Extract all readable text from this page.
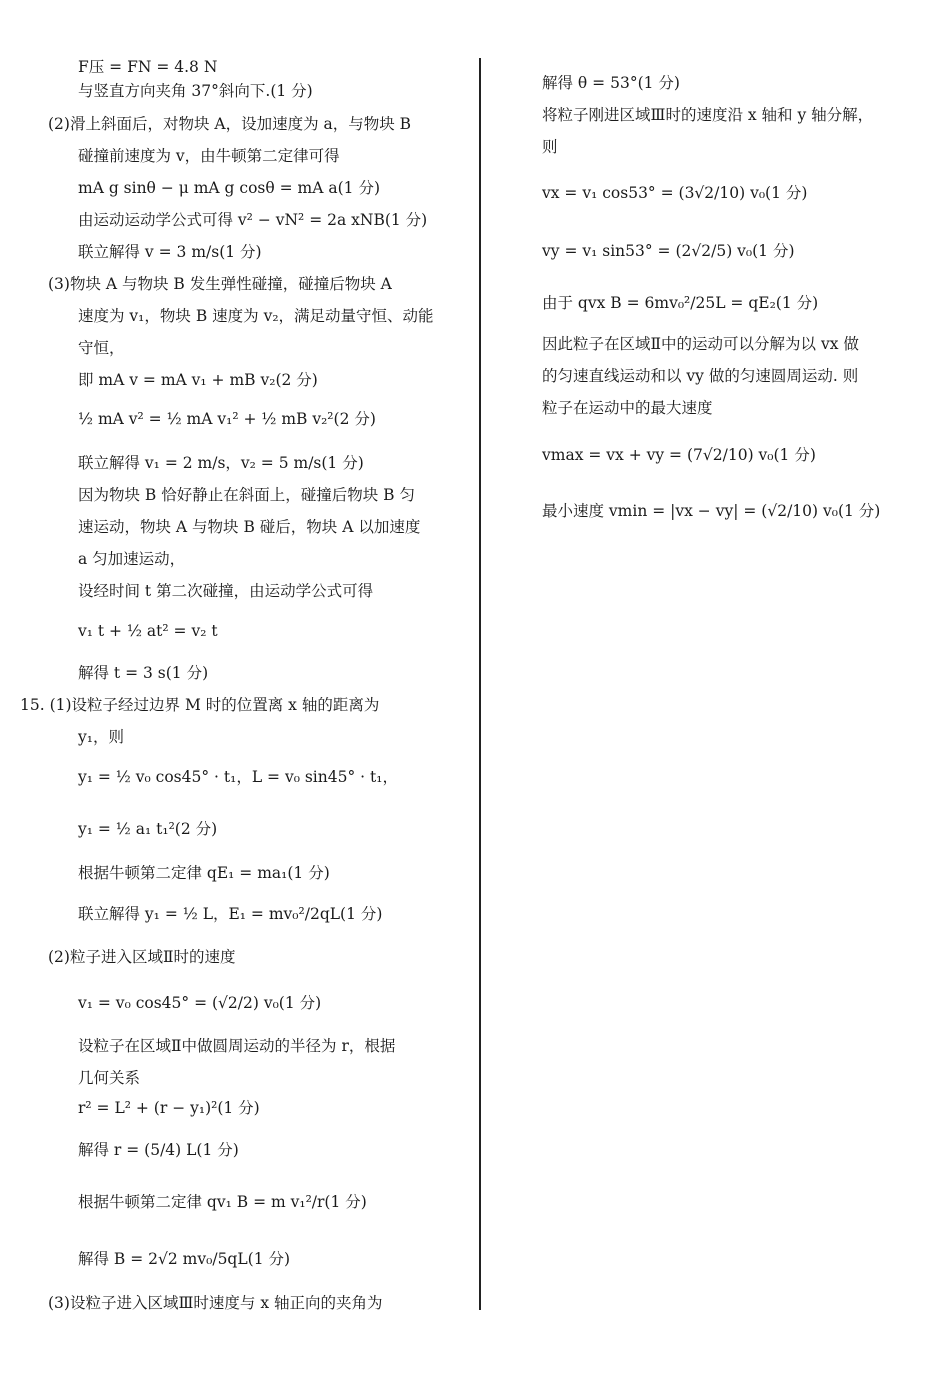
F压 = FN = 4.8 N
与竖直方向夹角 37°斜向下.(1 分)
(2)滑上斜面后，对物块 A，设加速度为 a，与物块 B
碰撞前速度为 v，由牛顿第二定律可得
mA g sinθ − μ mA g cosθ = mA a(1 分)
由运动运动学公式可得 v² − vN² = 2a xNB(1 分)
联立解得 v = 3 m/s(1 分)
(3)物块 A 与物块 B 发生弹性碰撞，碰撞后物块 A
速度为 v₁，物块 B 速度为 v₂，满足动量守恒、动能
守恒，
即 mA v = mA v₁ + mB v₂(2 分)
½ mA v² = ½ mA v₁² + ½ mB v₂²(2 分)
联立解得 v₁ = 2 m/s，v₂ = 5 m/s(1 分)
因为物块 B 恰好静止在斜面上，碰撞后物块 B 匀
速运动，物块 A 与物块 B 碰后，物块 A 以加速度
a 匀加速运动，
设经时间 t 第二次碰撞，由运动学公式可得
v₁ t + ½ at² = v₂ t
解得 t = 3 s(1 分)
15. (1)设粒子经过边界 M 时的位置离 x 轴的距离为
y₁，则
y₁ = ½ v₀ cos45° · t₁，L = v₀ sin45° · t₁，
y₁ = ½ a₁ t₁²(2 分)
根据牛顿第二定律 qE₁ = ma₁(1 分)
联立解得 y₁ = ½ L，E₁ = mv₀²/2qL(1 分)
(2)粒子进入区域Ⅱ时的速度
v₁ = v₀ cos45° = (√2/2) v₀(1 分)
设粒子在区域Ⅱ中做圆周运动的半径为 r，根据
几何关系
r² = L² + (r − y₁)²(1 分)
解得 r = (5/4) L(1 分)
根据牛顿第二定律 qv₁ B = m v₁²/r(1 分)
解得 B = 2√2 mv₀/5qL(1 分)
(3)设粒子进入区域Ⅲ时速度与 x 轴正向的夹角为
解得 θ = 53°(1 分)
将粒子刚进区域Ⅲ时的速度沿 x 轴和 y 轴分解，
则
vx = v₁ cos53° = (3√2/10) v₀(1 分)
vy = v₁ sin53° = (2√2/5) v₀(1 分)
由于 qvx B = 6mv₀²/25L = qE₂(1 分)
因此粒子在区域Ⅱ中的运动可以分解为以 vx 做
的匀速直线运动和以 vy 做的匀速圆周运动. 则
粒子在运动中的最大速度
vmax = vx + vy = (7√2/10) v₀(1 分)
最小速度 vmin = |vx − vy| = (√2/10) v₀(1 分)
